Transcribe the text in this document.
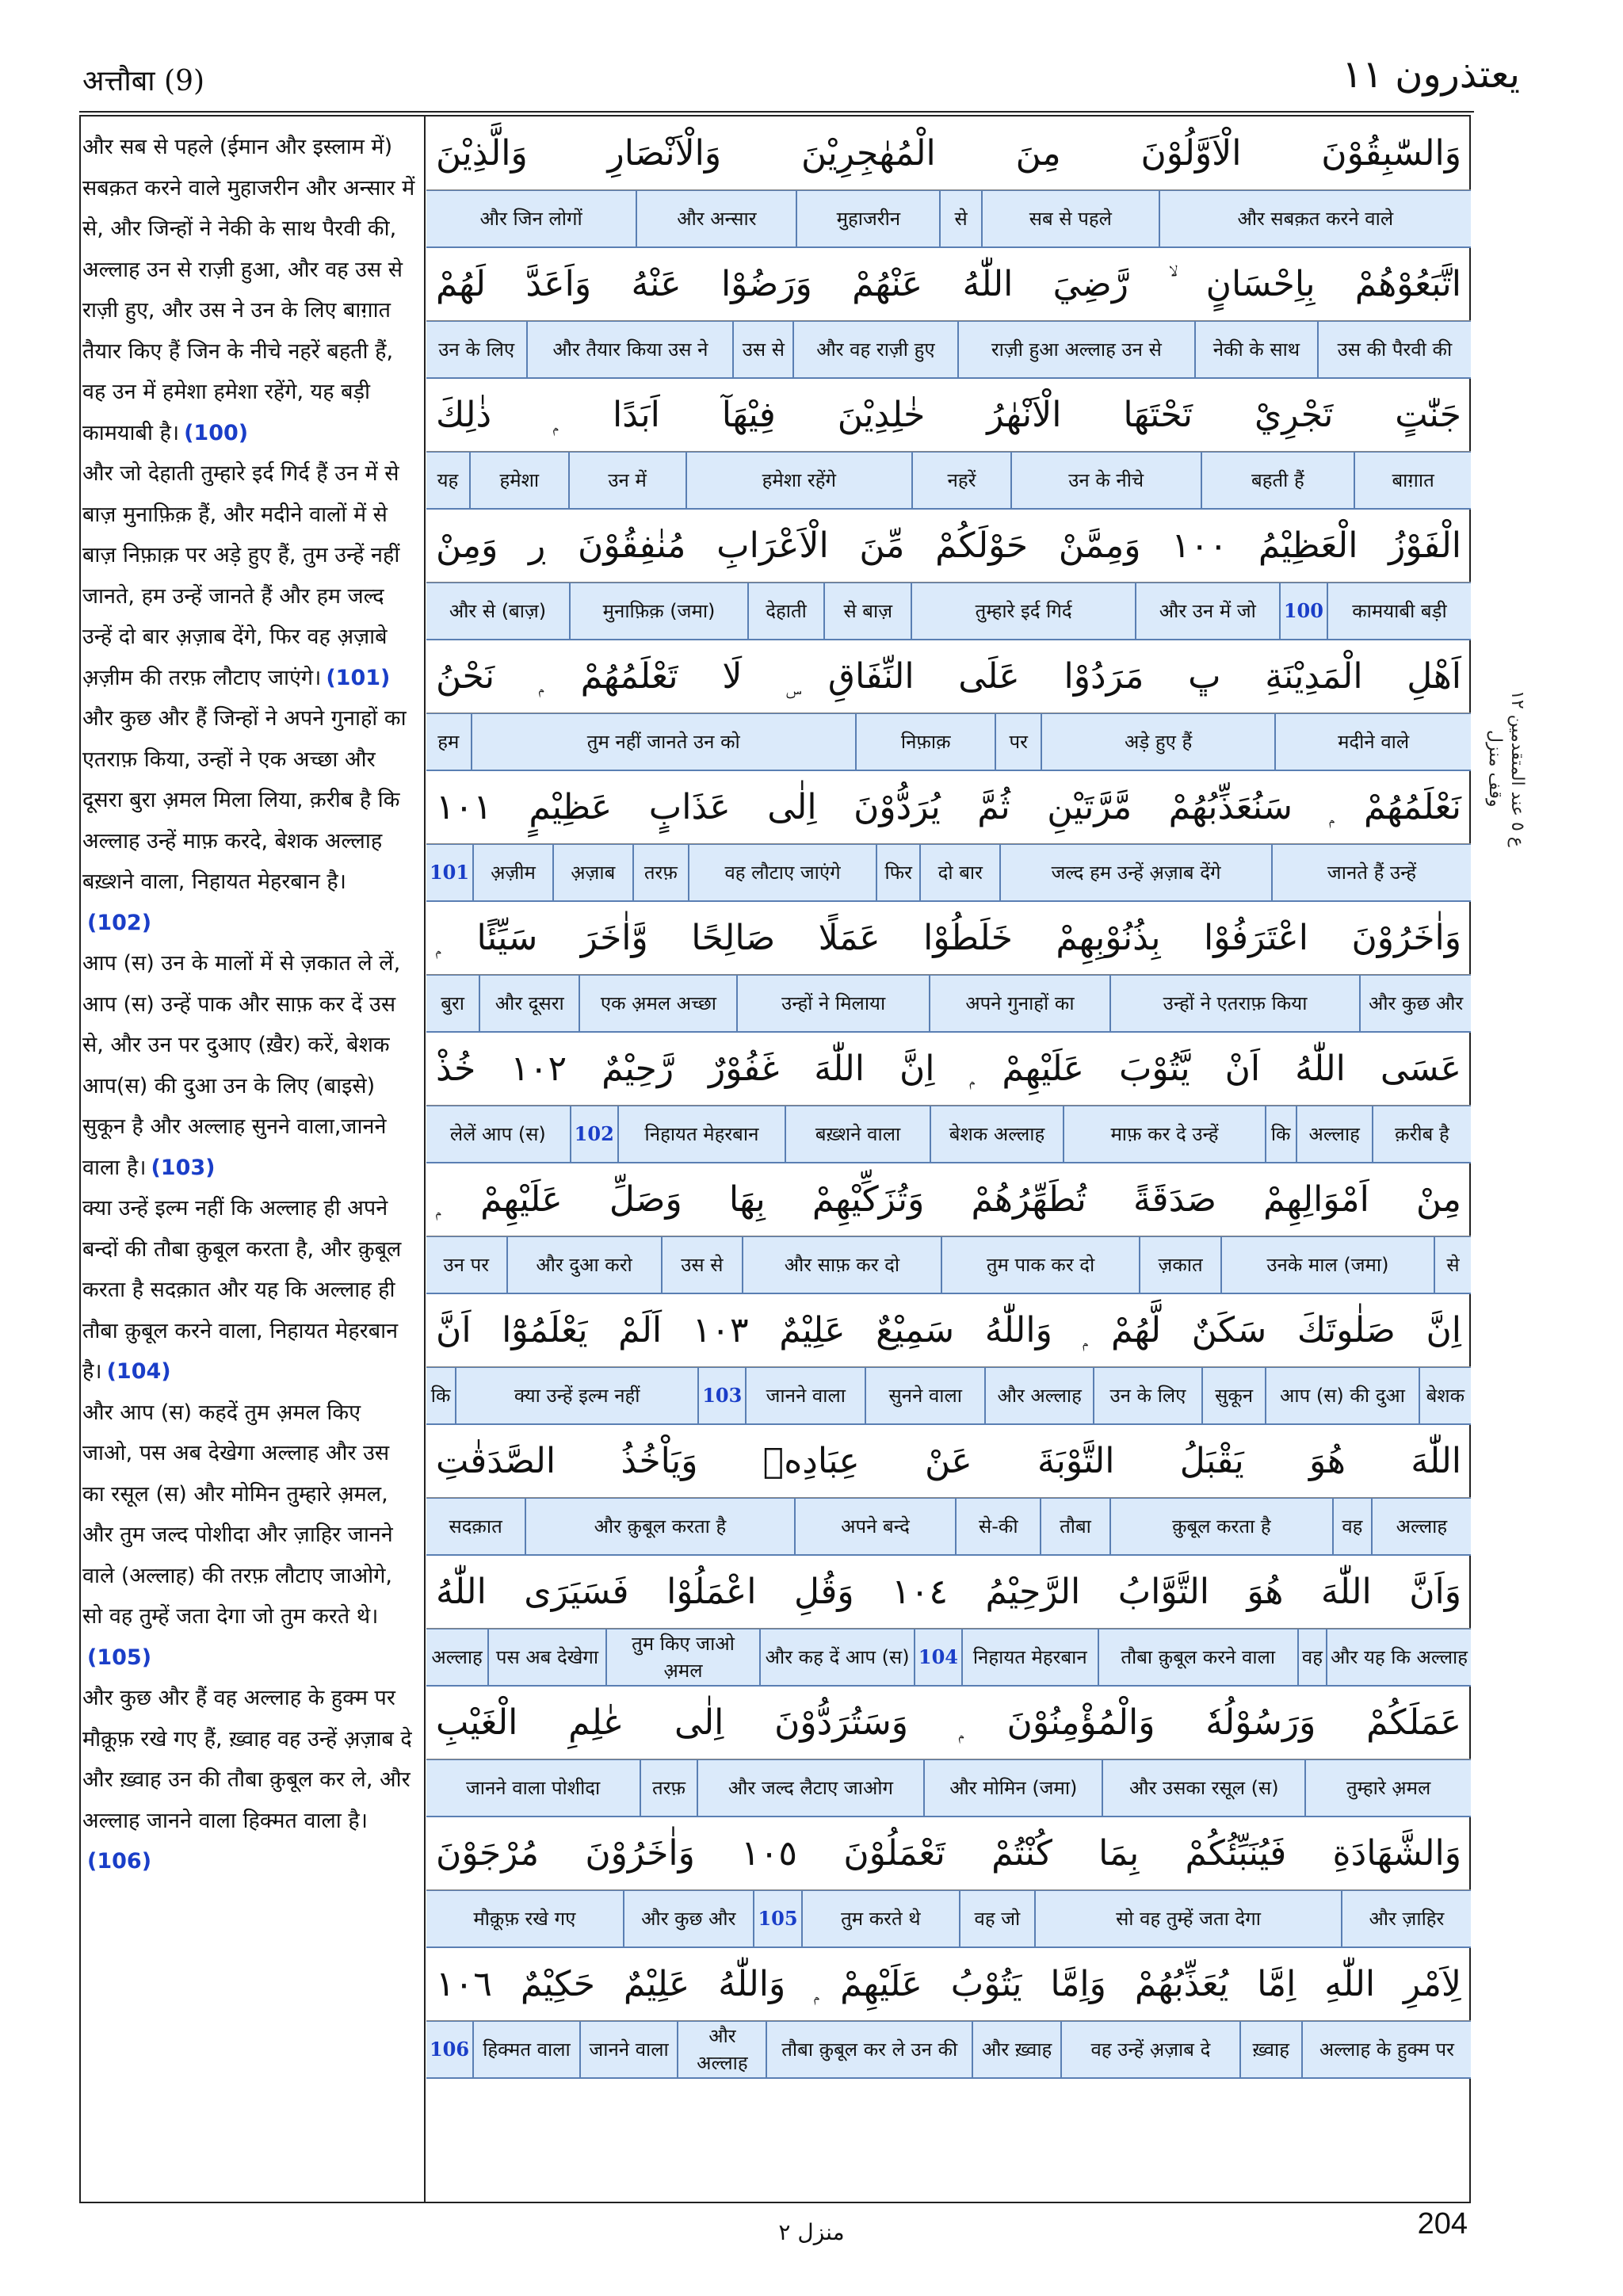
अत्तौबा (9)	يعتذرون ١١
और सब से पहले (ईमान और इस्लाम में) सबक़त करने वाले मुहाजरीन और अन्सार में से, और जिन्हों ने नेकी के साथ पैरवी की, अल्लाह उन से राज़ी हुआ, और वह उस से राज़ी हुए, और उस ने उन के लिए बाग़ात तैयार किए हैं जिन के नीचे नहरें बहती हैं, वह उन में हमेशा हमेशा रहेंगे, यह बड़ी कामयाबी है। (100)
और जो देहाती तुम्हारे इर्द गिर्द हैं उन में से बाज़ मुनाफ़िक़ हैं, और मदीने वालों में से बाज़ निफ़ाक़ पर अड़े हुए हैं, तुम उन्हें नहीं जानते, हम उन्हें जानते हैं और हम जल्द उन्हें दो बार अ़ज़ाब देंगे, फिर वह अ़ज़ाबे अ़ज़ीम की तरफ़ लौटाए जाएंगे। (101)
और कुछ और हैं जिन्हों ने अपने गुनाहों का एतराफ़ किया, उन्हों ने एक अच्छा और दूसरा बुरा अ़मल मिला लिया, क़रीब है कि अल्लाह उन्हें माफ़ करदे, बेशक अल्लाह बख़्शने वाला, निहायत मेहरबान है।(102)
आप (स) उन के मालों में से ज़कात ले लें, आप (स) उन्हें पाक और साफ़ कर दें उस से, और उन पर दुआए (ख़ैर) करें, बेशक आप(स) की दुआ उन के लिए (बाइसे) सुकून है और अल्लाह सुनने वाला,जानने वाला है। (103)
क्या उन्हें इल्म नहीं कि अल्लाह ही अपने बन्दों की तौबा क़ुबूल करता है, और क़ुबूल करता है सदक़ात और यह कि अल्लाह ही तौबा क़ुबूल करने वाला, निहायत मेहरबान है। (104)
और आप (स) कहदें तुम अ़मल किए जाओ, पस अब देखेगा अल्लाह और उस का रसूल (स) और मोमिन तुम्हारे अ़मल, और तुम जल्द पोशीदा और ज़ाहिर जानने वाले (अल्लाह) की तरफ़ लौटाए जाओगे, सो वह तुम्हें जता देगा जो तुम करते थे।(105)
और कुछ और हैं वह अल्लाह के हुक्म पर मौक़ूफ़ रखे गए हैं, ख़्वाह वह उन्हें अ़ज़ाब दे और ख़्वाह उन की तौबा क़ुबूल कर ले, और अल्लाह जानने वाला हिक्मत वाला है।(106)
وَالسّٰبِقُوْنَ الْاَوَّلُوْنَ مِنَ الْمُهٰجِرِيْنَ وَالْاَنْصَارِ وَالَّذِيْنَ
और सबक़त करने वाले
सब से पहले
से
मुहाजरीन
और अन्सार
और जिन लोगों
اتَّبَعُوْهُمْ بِاِحْسَانٍ ۙ رَّضِيَ اللّٰهُ عَنْهُمْ وَرَضُوْا عَنْهُ وَاَعَدَّ لَهُمْ
उस की पैरवी की
नेकी के साथ
राज़ी हुआ अल्लाह उन से
और वह राज़ी हुए
उस से
और तैयार किया उस ने
उन के लिए
جَنّٰتٍ تَجْرِيْ تَحْتَهَا الْاَنْهٰرُ خٰلِدِيْنَ فِيْهَآ اَبَدًا ۭ ذٰلِكَ
बाग़ात
बहती हैं
उन के नीचे
नहरें
हमेशा रहेंगे
उन में
हमेशा
यह
الْفَوْزُ الْعَظِيْمُ ١٠٠ وَمِمَّنْ حَوْلَكُمْ مِّنَ الْاَعْرَابِ مُنٰفِقُوْنَ ڔ وَمِنْ
कामयाबी बड़ी
100
और उन में जो
तुम्हारे इर्द गिर्द
से बाज़
देहाती
मुनाफ़िक़ (जमा)
और से (बाज़)
اَهْلِ الْمَدِيْنَةِ ڀ مَرَدُوْا عَلَى النِّفَاقِ ۣ لَا تَعْلَمُهُمْ ۭ نَحْنُ
मदीने वाले
अड़े हुए हैं
पर
निफ़ाक़
तुम नहीं जानते उन को
हम
نَعْلَمُهُمْ ۭ سَنُعَذِّبُهُمْ مَّرَّتَيْنِ ثُمَّ يُرَدُّوْنَ اِلٰى عَذَابٍ عَظِيْمٍ ١٠١
जानते हैं उन्हें
जल्द हम उन्हें अ़ज़ाब देंगे
दो बार
फिर
वह लौटाए जाएंगे
तरफ़
अ़ज़ाब
अ़ज़ीम
101
وَاٰخَرُوْنَ اعْتَرَفُوْا بِذُنُوْبِهِمْ خَلَطُوْا عَمَلًا صَالِحًا وَّاٰخَرَ سَيِّئًا ۭ
और कुछ और
उन्हों ने एतराफ़ किया
अपने गुनाहों का
उन्हों ने मिलाया
एक अ़मल अच्छा
और दूसरा
बुरा
عَسَى اللّٰهُ اَنْ يَّتُوْبَ عَلَيْهِمْ ۭ اِنَّ اللّٰهَ غَفُوْرٌ رَّحِيْمٌ ١٠٢ خُذْ
क़रीब है
अल्लाह
कि
माफ़ कर दे उन्हें
बेशक अल्लाह
बख़्शने वाला
निहायत मेहरबान
102
लेलें आप (स)
مِنْ اَمْوَالِهِمْ صَدَقَةً تُطَهِّرُهُمْ وَتُزَكِّيْهِمْ بِهَا وَصَلِّ عَلَيْهِمْ ۭ
से
उनके माल (जमा)
ज़कात
तुम पाक कर दो
और साफ़ कर दो
उस से
और दुआ करो
उन पर
اِنَّ صَلٰوتَكَ سَكَنٌ لَّهُمْ ۭ وَاللّٰهُ سَمِيْعٌ عَلِيْمٌ ١٠٣ اَلَمْ يَعْلَمُوْٓا اَنَّ
बेशक
आप (स) की दुआ
सुकून
उन के लिए
और अल्लाह
सुनने वाला
जानने वाला
103
क्या उन्हें इल्म नहीं
कि
اللّٰهَ هُوَ يَقْبَلُ التَّوْبَةَ عَنْ عِبَادِهٖ وَيَاْخُذُ الصَّدَقٰتِ
अल्लाह
वह
क़ुबूल करता है
तौबा
से-की
अपने बन्दे
और क़ुबूल करता है
सदक़ात
وَاَنَّ اللّٰهَ هُوَ التَّوَّابُ الرَّحِيْمُ ١٠٤ وَقُلِ اعْمَلُوْا فَسَيَرَى اللّٰهُ
और यह कि अल्लाह
वह
तौबा क़ुबूल करने वाला
निहायत मेहरबान
104
और कह दें आप (स)
तुम किए जाओ अ़मल
पस अब देखेगा
अल्लाह
عَمَلَكُمْ وَرَسُوْلُهٗ وَالْمُؤْمِنُوْنَ ۭ وَسَتُرَدُّوْنَ اِلٰى عٰلِمِ الْغَيْبِ
तुम्हारे अ़मल
और उसका रसूल (स)
और मोमिन (जमा)
और जल्द लैटाए जाओग
तरफ़
जानने वाला पोशीदा
وَالشَّهَادَةِ فَيُنَبِّئُكُمْ بِمَا كُنْتُمْ تَعْمَلُوْنَ ١٠٥ وَاٰخَرُوْنَ مُرْجَوْنَ
और ज़ाहिर
सो वह तुम्हें जता देगा
वह जो
तुम करते थे
105
और कुछ और
मौक़ूफ़ रखे गए
لِاَمْرِ اللّٰهِ اِمَّا يُعَذِّبُهُمْ وَاِمَّا يَتُوْبُ عَلَيْهِمْ ۭ وَاللّٰهُ عَلِيْمٌ حَكِيْمٌ ١٠٦
अल्लाह के हुक्म पर
ख़्वाह
वह उन्हें अ़ज़ाब दे
और ख़्वाह
तौबा क़ुबूल कर ले उन की
और अल्लाह
जानने वाला
हिक्मत वाला
106
ع ٥ عند المتقدمين ١٢ وقف منزل
منزل ٢	204
